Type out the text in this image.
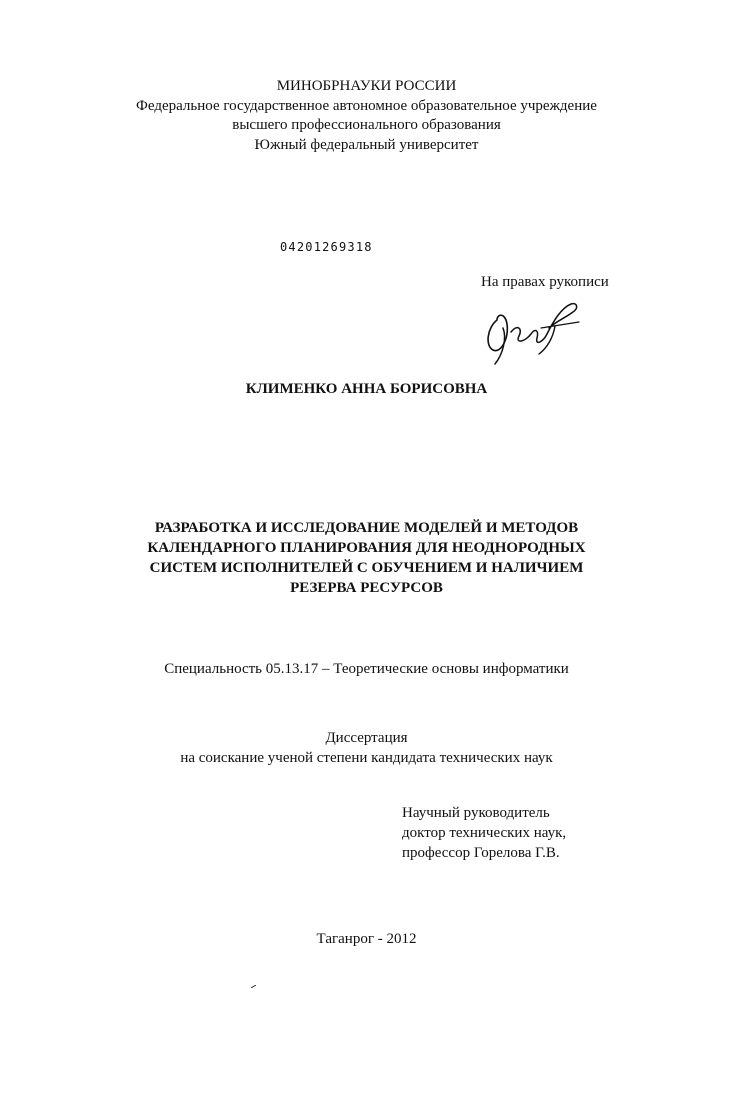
МИНОБРНАУКИ РОССИИ
Федеральное государственное автономное образовательное учреждение
высшего профессионального образования
Южный федеральный университет
04201269318
На правах рукописи
КЛИМЕНКО АННА БОРИСОВНА
РАЗРАБОТКА И ИССЛЕДОВАНИЕ МОДЕЛЕЙ И МЕТОДОВ
КАЛЕНДАРНОГО ПЛАНИРОВАНИЯ ДЛЯ НЕОДНОРОДНЫХ
СИСТЕМ ИСПОЛНИТЕЛЕЙ С ОБУЧЕНИЕМ И НАЛИЧИЕМ
РЕЗЕРВА РЕСУРСОВ
Специальность 05.13.17 – Теоретические основы информатики
Диссертация
на соискание ученой степени кандидата технических наук
Научный руководитель
доктор технических наук,
профессор Горелова Г.В.
Таганрог - 2012
